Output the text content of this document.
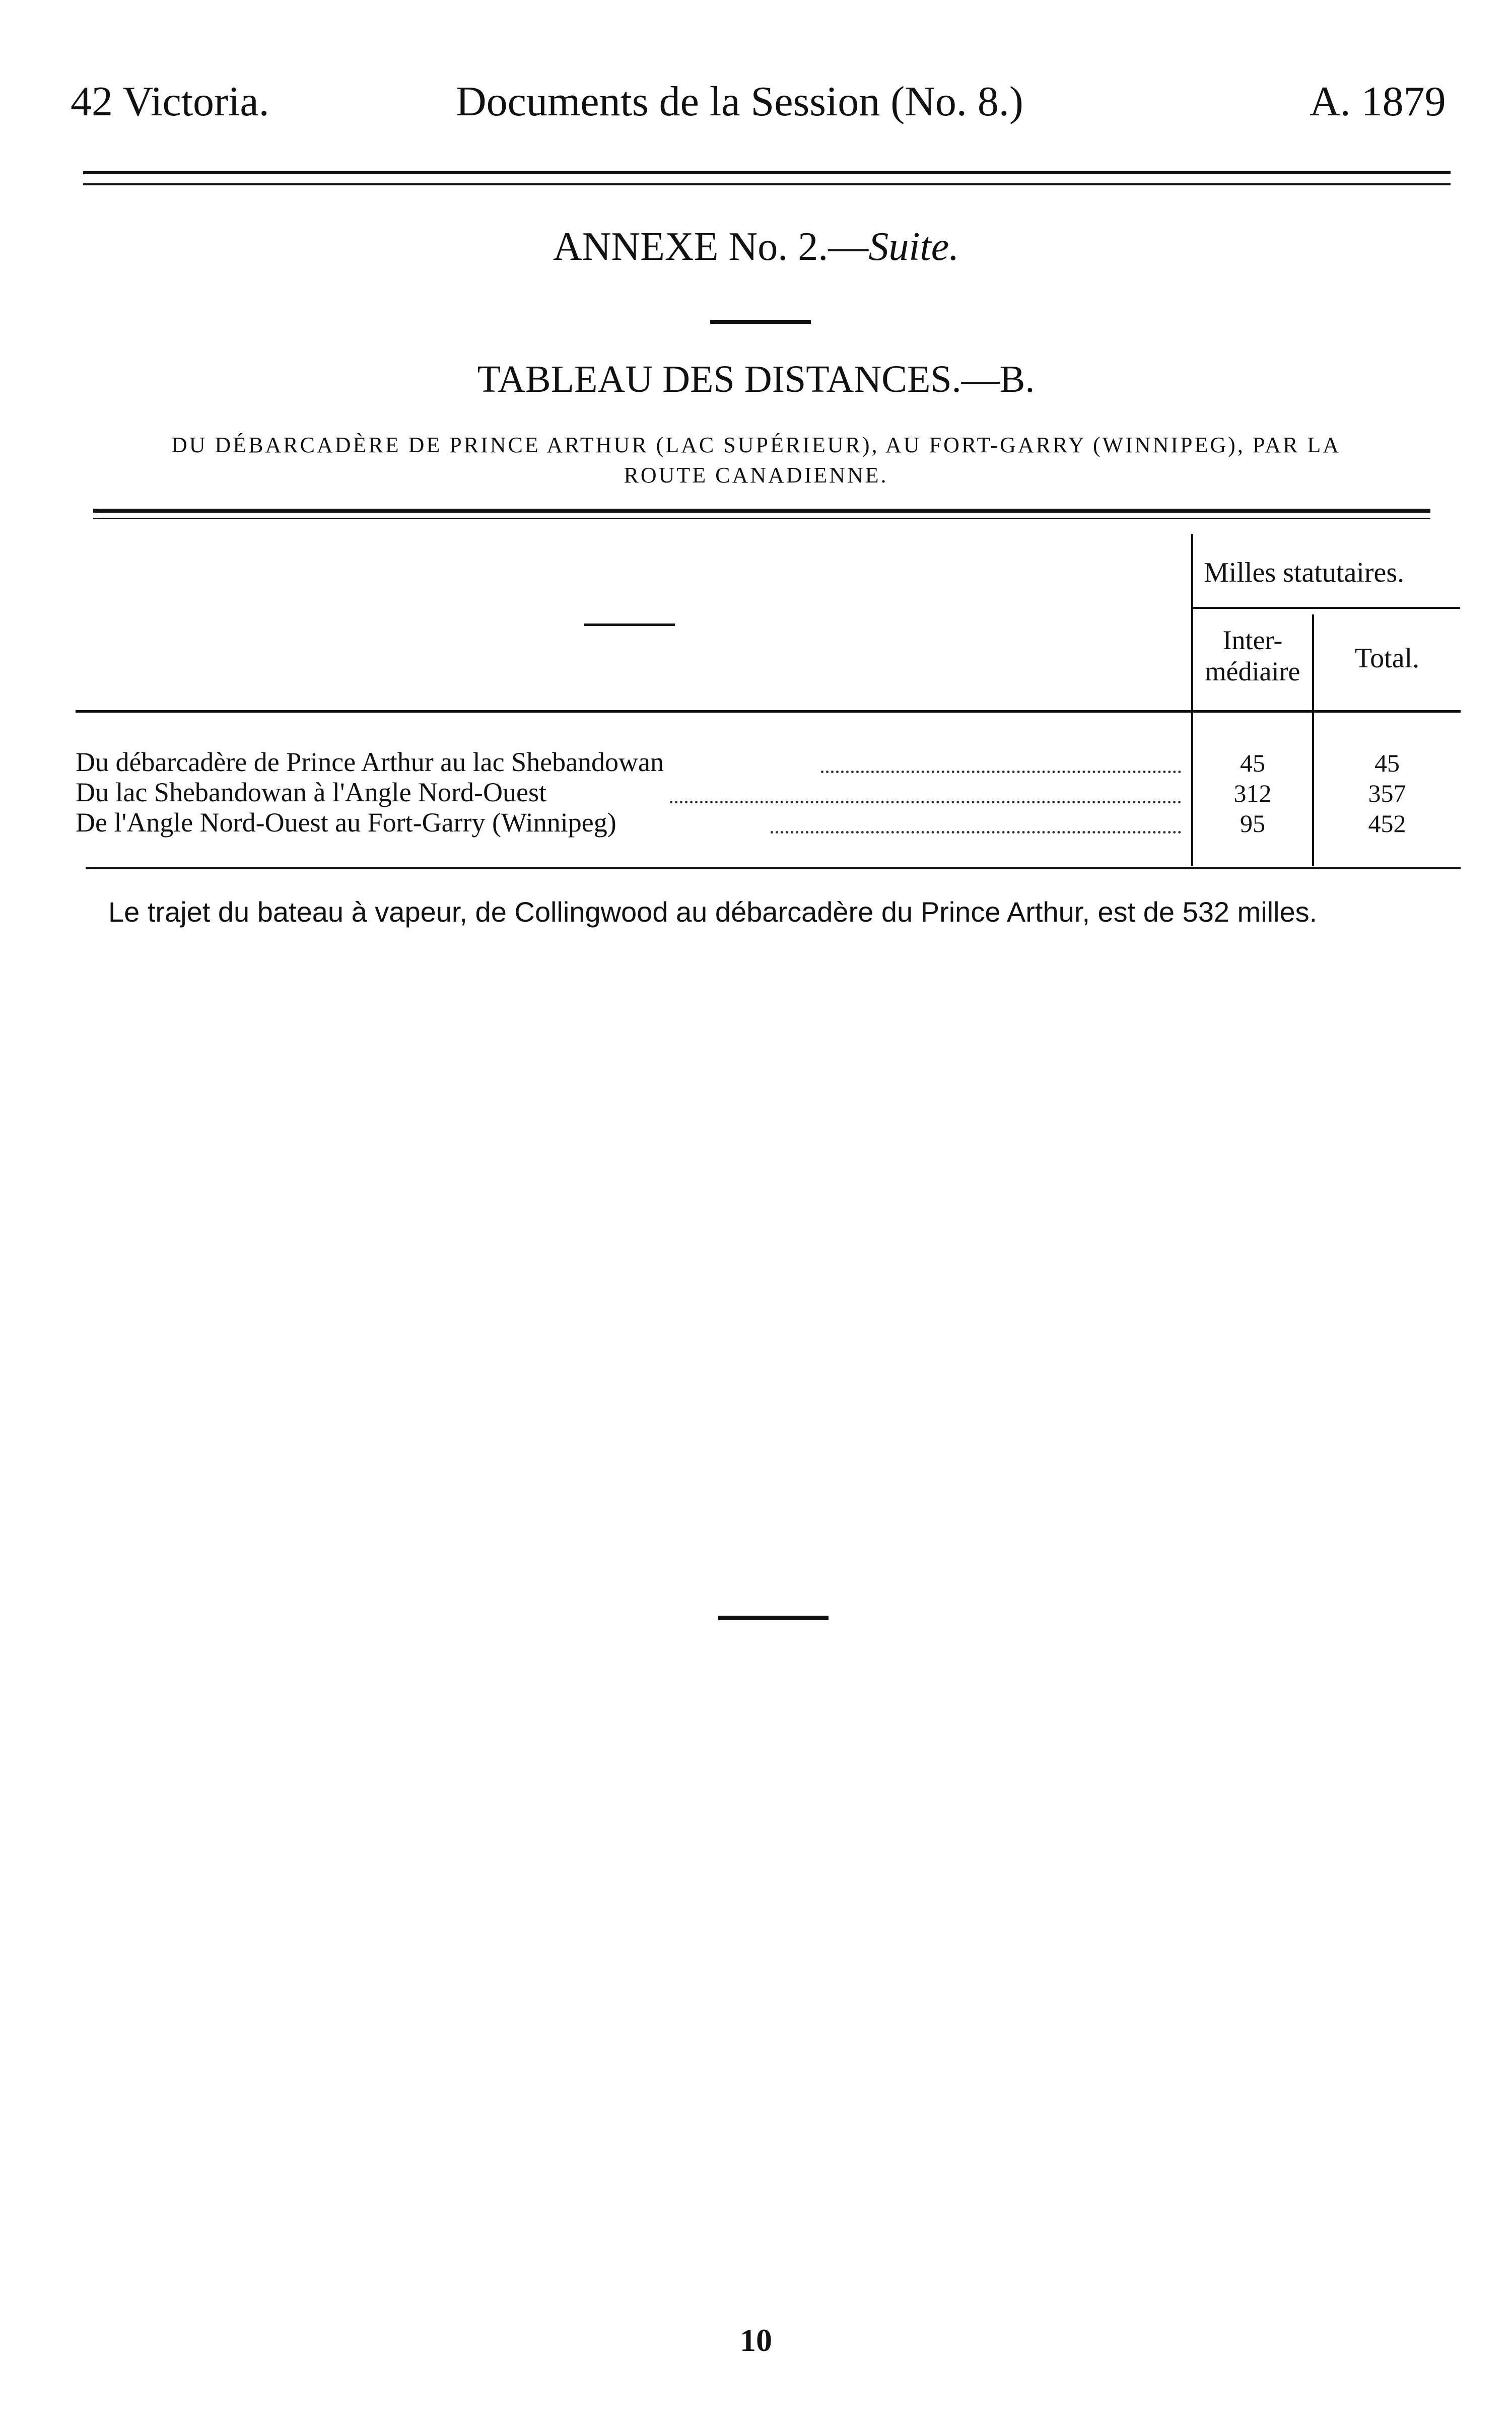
42 Victoria.	Documents de la Session (No. 8.)	A. 1879
ANNEXE No. 2.—Suite.
TABLEAU DES DISTANCES.—B.
DU DÉBARCADÈRE DE PRINCE ARTHUR (LAC SUPÉRIEUR), AU FORT-GARRY (WINNIPEG), PAR LA
ROUTE CANADIENNE.
Milles statutaires.
Inter-
médiaire	Total.
Du débarcadère de Prince Arthur au lac Shebandowan	45	45
Du lac Shebandowan à l'Angle Nord-Ouest	312	357
De l'Angle Nord-Ouest au Fort-Garry (Winnipeg)	95	452
Le trajet du bateau à vapeur, de Collingwood au débarcadère du Prince Arthur, est de 532 milles.
10
